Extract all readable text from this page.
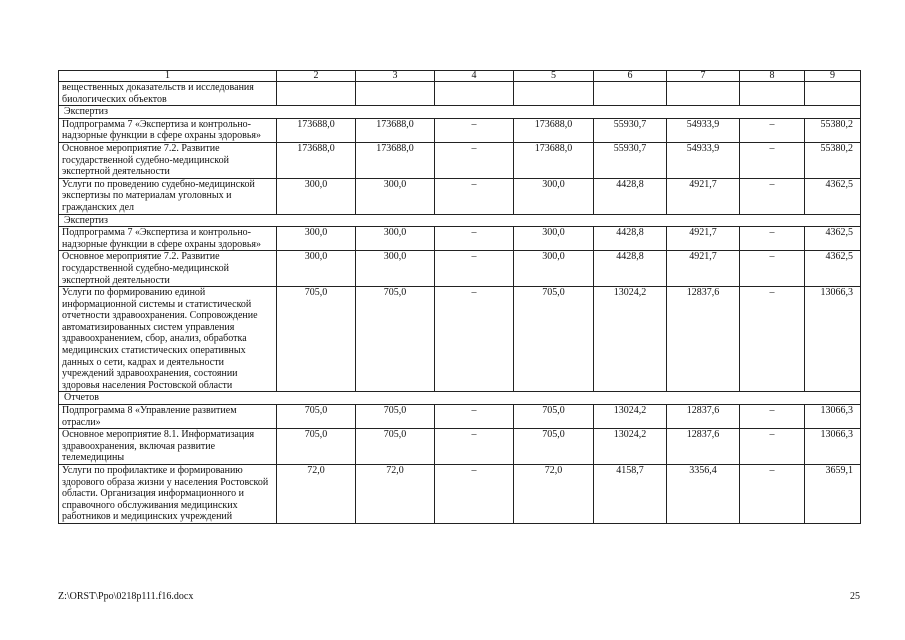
1	2	3	4	5	6	7	8	9
вещественных доказательств и исследования биологических объектов								
Экспертиз								
Подпрограмма 7 «Экспертиза и контрольно-надзорные функции в сфере охраны здоровья»	173688,0	173688,0	–	173688,0	55930,7	54933,9	–	55380,2
Основное мероприятие 7.2. Развитие государственной судебно-медицинской экспертной деятельности	173688,0	173688,0	–	173688,0	55930,7	54933,9	–	55380,2
Услуги по проведению судебно-медицинской экспертизы по материалам уголовных и гражданских дел	300,0	300,0	–	300,0	4428,8	4921,7	–	4362,5
Экспертиз								
Подпрограмма 7 «Экспертиза и контрольно-надзорные функции в сфере охраны здоровья»	300,0	300,0	–	300,0	4428,8	4921,7	–	4362,5
Основное мероприятие 7.2. Развитие государственной судебно-медицинской экспертной деятельности	300,0	300,0	–	300,0	4428,8	4921,7	–	4362,5
Услуги по формированию единой информационной системы и статистической отчетности здравоохранения. Сопровождение автоматизированных систем управления здравоохранением, сбор, анализ, обработка медицинских статистических оперативных данных о сети, кадрах и деятельности учреждений здравоохранения, состоянии здоровья населения Ростовской области	705,0	705,0	–	705,0	13024,2	12837,6	–	13066,3
Отчетов								
Подпрограмма 8 «Управление развитием отрасли»	705,0	705,0	–	705,0	13024,2	12837,6	–	13066,3
Основное мероприятие 8.1. Информатизация здравоохранения, включая развитие телемедицины	705,0	705,0	–	705,0	13024,2	12837,6	–	13066,3
Услуги по профилактике и формированию здорового образа жизни у населения Ростовской области. Организация информационного и справочного обслуживания медицинских работников и медицинских учреждений	72,0	72,0	–	72,0	4158,7	3356,4	–	3659,1
Z:\ORST\Ppo\0218p111.f16.docx	25
